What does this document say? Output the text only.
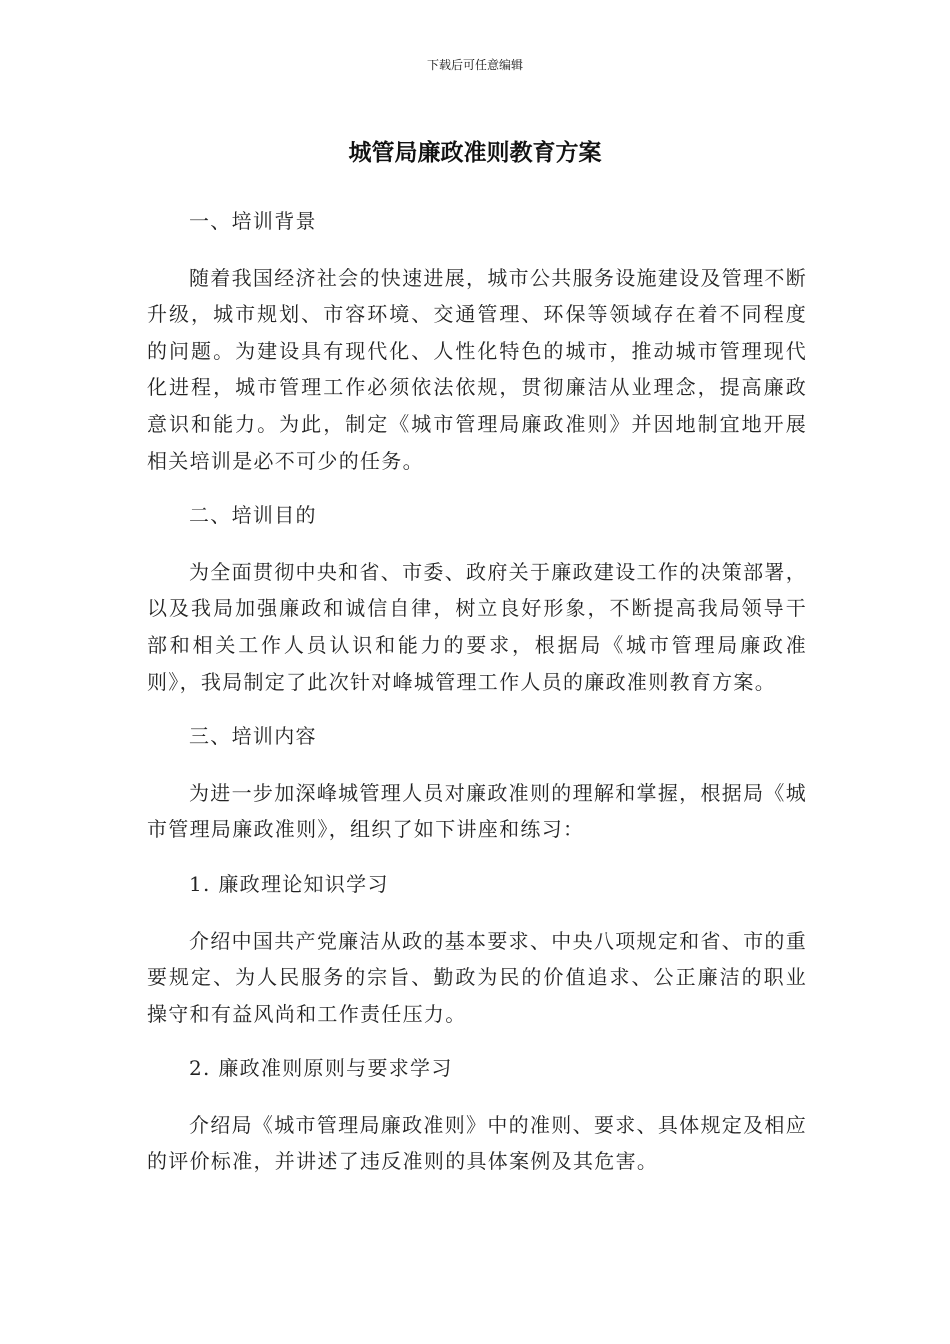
下载后可任意编辑
城管局廉政准则教育方案

一、培训背景

随着我国经济社会的快速进展，城市公共服务设施建设及管理不断升级，城市规划、市容环境、交通管理、环保等领域存在着不同程度的问题。为建设具有现代化、人性化特色的城市，推动城市管理现代化进程，城市管理工作必须依法依规，贯彻廉洁从业理念，提高廉政意识和能力。为此，制定《城市管理局廉政准则》并因地制宜地开展相关培训是必不可少的任务。

二、培训目的

为全面贯彻中央和省、市委、政府关于廉政建设工作的决策部署，以及我局加强廉政和诚信自律，树立良好形象，不断提高我局领导干部和相关工作人员认识和能力的要求，根据局《城市管理局廉政准则》，我局制定了此次针对峰城管理工作人员的廉政准则教育方案。

三、培训内容

为进一步加深峰城管理人员对廉政准则的理解和掌握，根据局《城市管理局廉政准则》，组织了如下讲座和练习：

1. 廉政理论知识学习

介绍中国共产党廉洁从政的基本要求、中央八项规定和省、市的重要规定、为人民服务的宗旨、勤政为民的价值追求、公正廉洁的职业操守和有益风尚和工作责任压力。

2. 廉政准则原则与要求学习

介绍局《城市管理局廉政准则》中的准则、要求、具体规定及相应的评价标准，并讲述了违反准则的具体案例及其危害。
